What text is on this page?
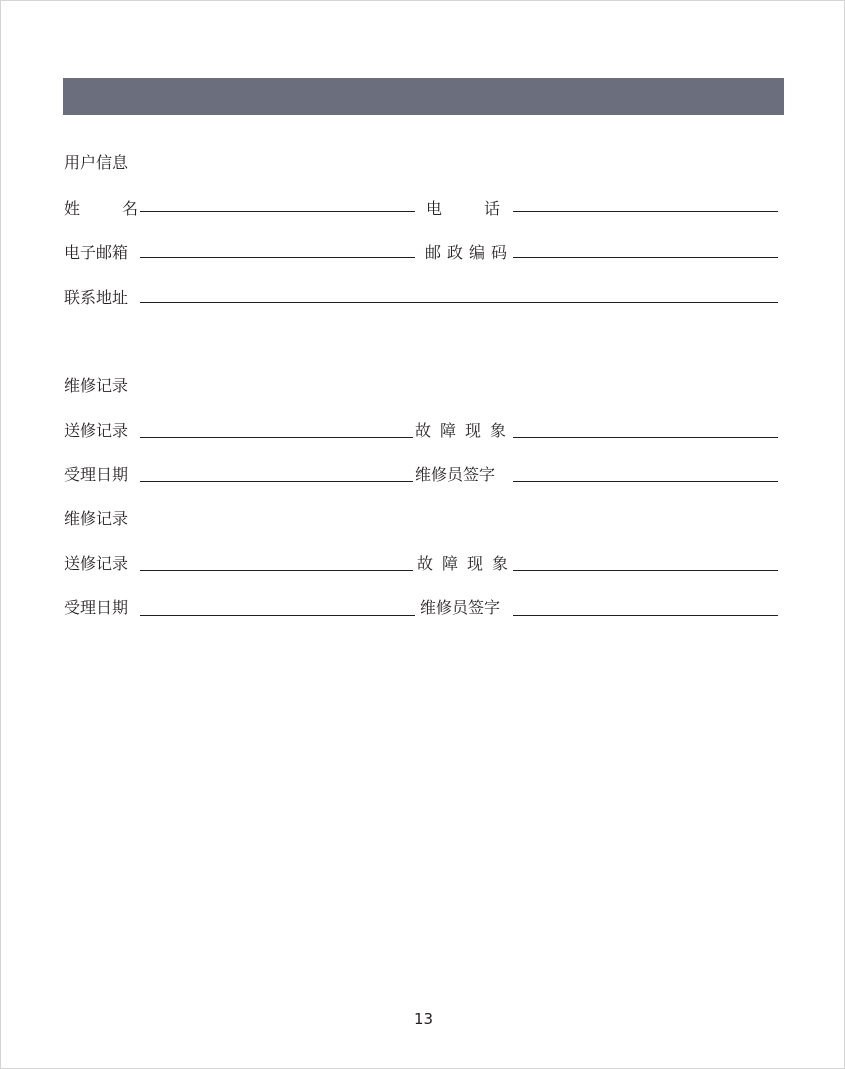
用户信息
姓名	电话
电子邮箱	邮政编码
联系地址
维修记录
送修记录	故障现象
受理日期	维修员签字
维修记录
送修记录	故障现象
受理日期	维修员签字
13
